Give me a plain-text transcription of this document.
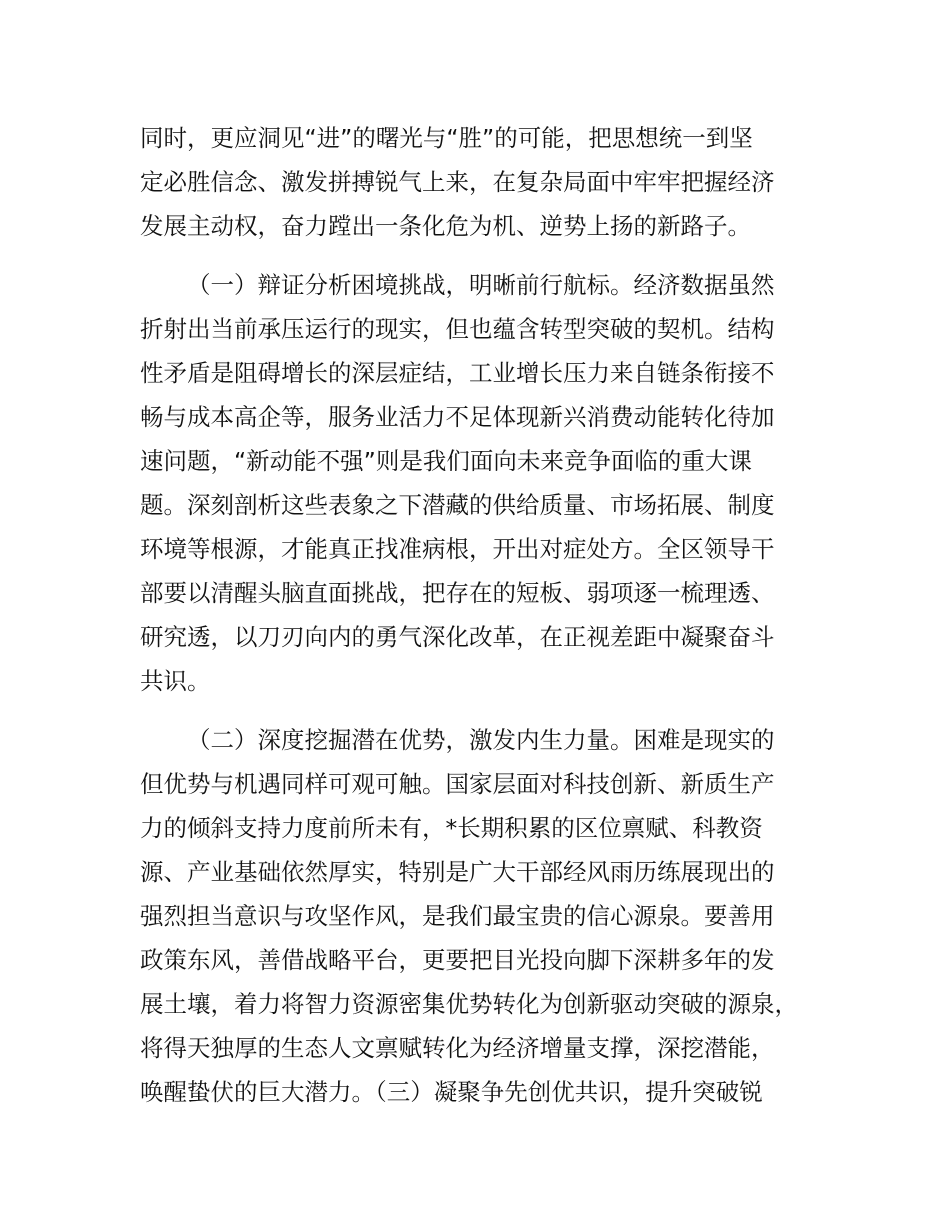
同时，更应洞见“进”的曙光与“胜”的可能，把思想统一到坚
定必胜信念、激发拼搏锐气上来，在复杂局面中牢牢把握经济
发展主动权，奋力蹚出一条化危为机、逆势上扬的新路子。
（一）辩证分析困境挑战，明晰前行航标。经济数据虽然
折射出当前承压运行的现实，但也蕴含转型突破的契机。结构
性矛盾是阻碍增长的深层症结，工业增长压力来自链条衔接不
畅与成本高企等，服务业活力不足体现新兴消费动能转化待加
速问题，“新动能不强”则是我们面向未来竞争面临的重大课
题。深刻剖析这些表象之下潜藏的供给质量、市场拓展、制度
环境等根源，才能真正找准病根，开出对症处方。全区领导干
部要以清醒头脑直面挑战，把存在的短板、弱项逐一梳理透、
研究透，以刀刃向内的勇气深化改革，在正视差距中凝聚奋斗
共识。
（二）深度挖掘潜在优势，激发内生力量。困难是现实的
但优势与机遇同样可观可触。国家层面对科技创新、新质生产
力的倾斜支持力度前所未有，*长期积累的区位禀赋、科教资
源、产业基础依然厚实，特别是广大干部经风雨历练展现出的
强烈担当意识与攻坚作风，是我们最宝贵的信心源泉。要善用
政策东风，善借战略平台，更要把目光投向脚下深耕多年的发
展土壤，着力将智力资源密集优势转化为创新驱动突破的源泉，
将得天独厚的生态人文禀赋转化为经济增量支撑，深挖潜能，
唤醒蛰伏的巨大潜力。（三）凝聚争先创优共识，提升突破锐
